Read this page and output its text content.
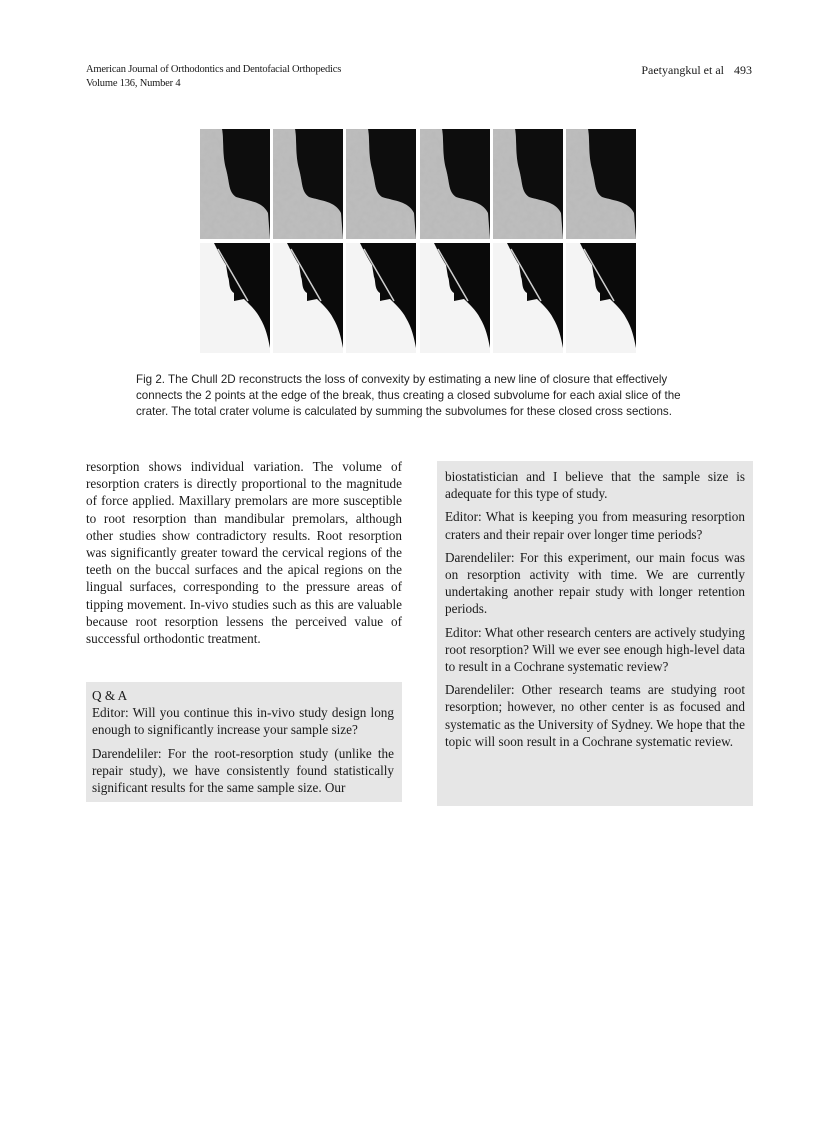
American Journal of Orthodontics and Dentofacial Orthopedics
Volume 136, Number 4
Paetyangkul et al 493
Fig 2. The Chull 2D reconstructs the loss of convexity by estimating a new line of closure that effectively connects the 2 points at the edge of the break, thus creating a closed subvolume for each axial slice of the crater. The total crater volume is calculated by summing the subvolumes for these closed cross sections.
resorption shows individual variation. The volume of resorption craters is directly proportional to the magnitude of force applied. Maxillary premolars are more susceptible to root resorption than mandibular premolars, although other studies show contradictory results. Root resorption was significantly greater toward the cervical regions of the teeth on the buccal surfaces and the apical regions on the lingual surfaces, corresponding to the pressure areas of tipping movement. In-vivo studies such as this are valuable because root resorption lessens the perceived value of successful orthodontic treatment.
Q & A

Editor: Will you continue this in-vivo study design long enough to significantly increase your sample size?

Darendeliler: For the root-resorption study (unlike the repair study), we have consistently found statistically significant results for the same sample size. Our

biostatistician and I believe that the sample size is adequate for this type of study.

Editor: What is keeping you from measuring resorption craters and their repair over longer time periods?

Darendeliler: For this experiment, our main focus was on resorption activity with time. We are currently undertaking another repair study with longer retention periods.

Editor: What other research centers are actively studying root resorption? Will we ever see enough high-level data to result in a Cochrane systematic review?

Darendeliler: Other research teams are studying root resorption; however, no other center is as focused and systematic as the University of Sydney. We hope that the topic will soon result in a Cochrane systematic review.
